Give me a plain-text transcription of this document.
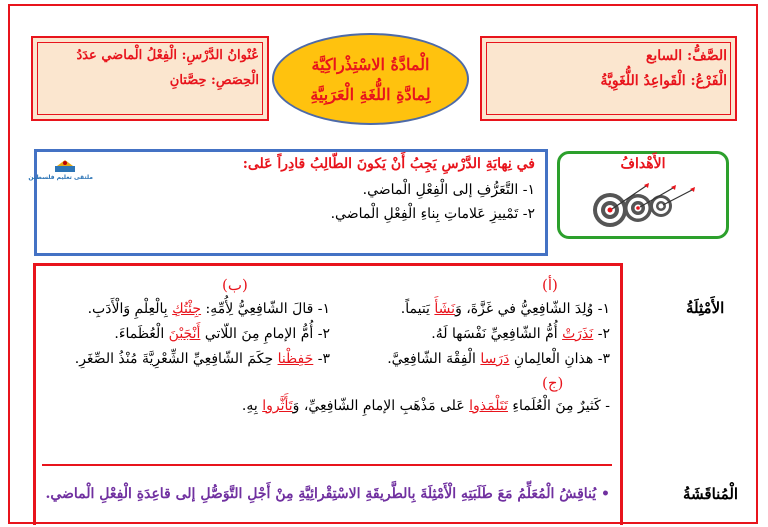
الصَّفُّ: السابع
الْفَرْعُ: الْقَواعِدُ اللُّغَوِيَّةُ
الْمادَّةُ الاسْتِذْراكِيَّة
لِمادَّةِ اللُّغَةِ الْعَرَبِيَّةِ
عُنْوانُ الدَّرْسِ: الْفِعْلُ الْماضي عدَدُ
الْحِصَصِ: حِصَّتانِ
الأَهْدافُ
ملتقى تعليم فلسطين
في نِهايَةِ الدَّرْسِ يَجِبُ أَنْ يَكونَ الطّالِبُ قادِراً عَلى:
١- التَّعَرُّفِ إلى الْفِعْلِ الْماضي.
٢- تَمْييزِ عَلاماتِ بِناءِ الْفِعْلِ الْماضي.
الأَمْثِلَةُ
(أ)
١- وُلِدَ الشّافِعِيُّ في غَزَّةَ، وَنَشَأَ يَتيماً.
٢- نَذَرَتْ أُمُّ الشّافِعِيِّ نَفْسَها لَهُ.
٣- هذانِ الْعالِمانِ دَرَسا الْفِقْهَ الشّافِعِيَّ.
(ب)
١- قالَ الشّافِعِيُّ لِأُمِّهِ: جِئْتُكِ بِالْعِلْمِ وَالْأَدَبِ.
٢- أُمُّ الإمامِ مِنَ اللّاتي أَنْجَبْنَ الْعُظَماءَ.
٣- حَفِظْنا حِكَمَ الشّافِعِيِّ الشِّعْرِيَّةَ مُنْذُ الصِّغَرِ.
(ج)
- كَثيرٌ مِنَ الْعُلَماءِ تَتَلْمَذوا عَلى مَذْهَبِ الإمامِ الشّافِعِيِّ، وَتَأَثَّروا بِهِ.
• يُناقِشُ الْمُعَلِّمُ مَعَ طَلَبَتِهِ الْأَمْثِلَةَ بِالطَّريقَةِ الاسْتِقْرائِيَّةِ مِنْ أَجْلِ التَّوَصُّلِ إلى قاعِدَةِ الْفِعْلِ الْماضي.	الْمُناقَشَةُ
